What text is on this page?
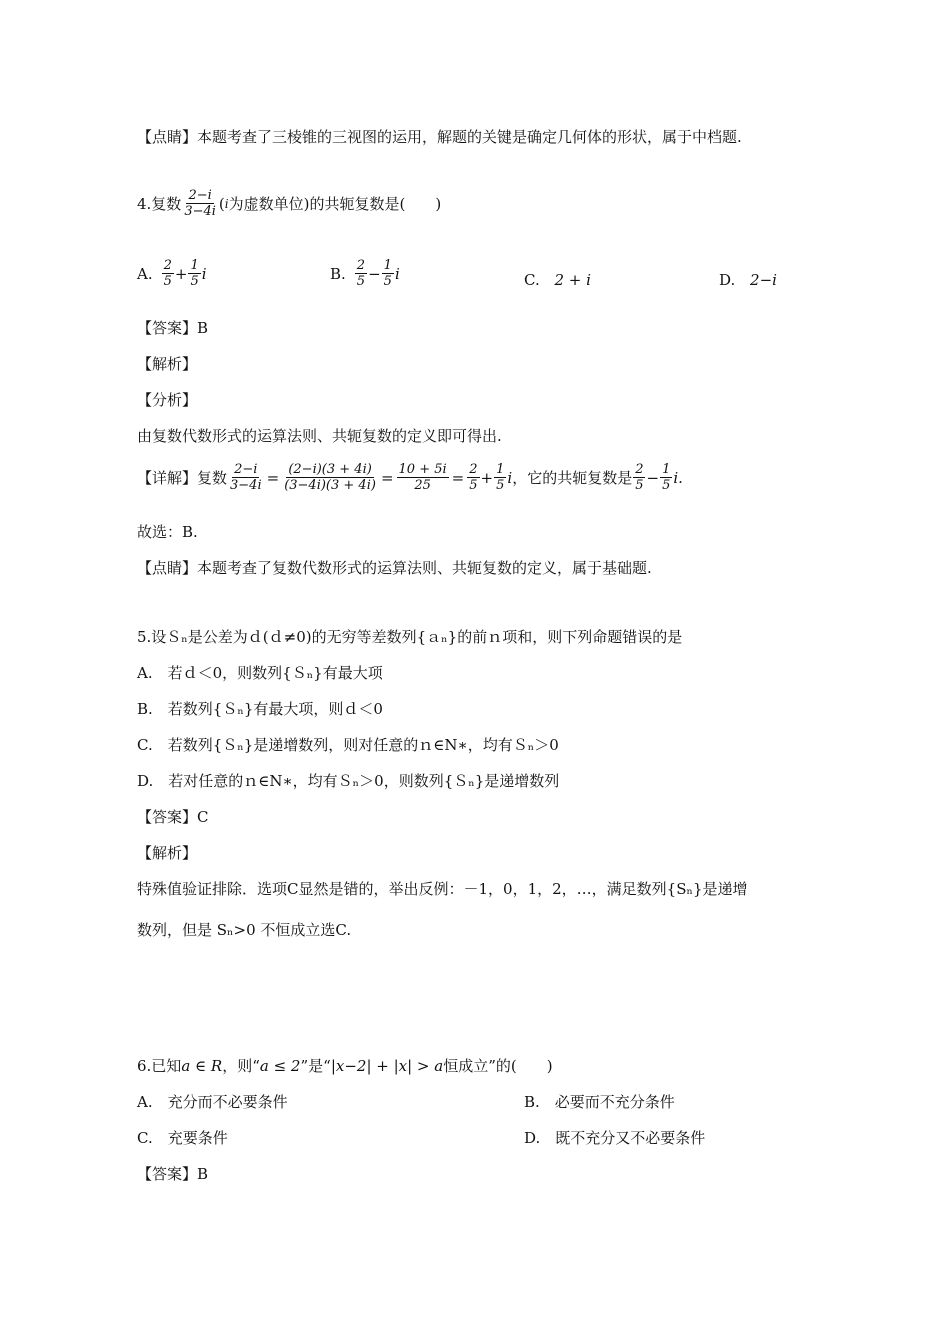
【点睛】本题考查了三棱锥的三视图的运用，解题的关键是确定几何体的形状，属于中档题.
4.复数 $\frac{2-i}{3-4i}$ ( i 为虚数单位)的共轭复数是(　　)
A. $\frac{2}{5} + \frac{1}{5}$ i	B. $\frac{2}{5} - \frac{1}{5}$ i	C. 2 + i	D. 2−i
【答案】B
【解析】
【分析】
由复数代数形式的运算法则、共轭复数的定义即可得出.
【详解】复数 $\frac{2-i}{3-4i} = \frac{(2-i)(3 + 4i)}{(3-4i)(3 + 4i)} = \frac{10 + 5i}{25} = \frac{2}{5} + \frac{1}{5}$ i ，它的共轭复数是 $\frac{2}{5} - \frac{1}{5} i$.
故选：B.
【点睛】本题考查了复数代数形式的运算法则、共轭复数的定义，属于基础题.
5.设Ｓₙ是公差为ｄ(ｄ≠0)的无穷等差数列{ａₙ}的前ｎ项和，则下列命题错误的是
A.　若ｄ＜0，则数列{Ｓₙ}有最大项
B.　若数列{Ｓₙ}有最大项，则ｄ＜0
C.　若数列{Ｓₙ}是递增数列，则对任意的ｎ∈N∗，均有Ｓₙ＞0
D.　若对任意的ｎ∈N∗，均有Ｓₙ＞0，则数列{Ｓₙ}是递增数列
【答案】C
【解析】
特殊值验证排除．选项C显然是错的，举出反例：－1，0，1，2，…，满足数列{Sₙ}是递增
数列，但是 Sₙ>0 不恒成立选C.
6.已知a ∈ R，则“a ≤ 2”是“|x−2| + |x| > a恒成立”的(　　)
A.　充分而不必要条件	B.　必要而不充分条件
C.　充要条件	D.　既不充分又不必要条件
【答案】B
